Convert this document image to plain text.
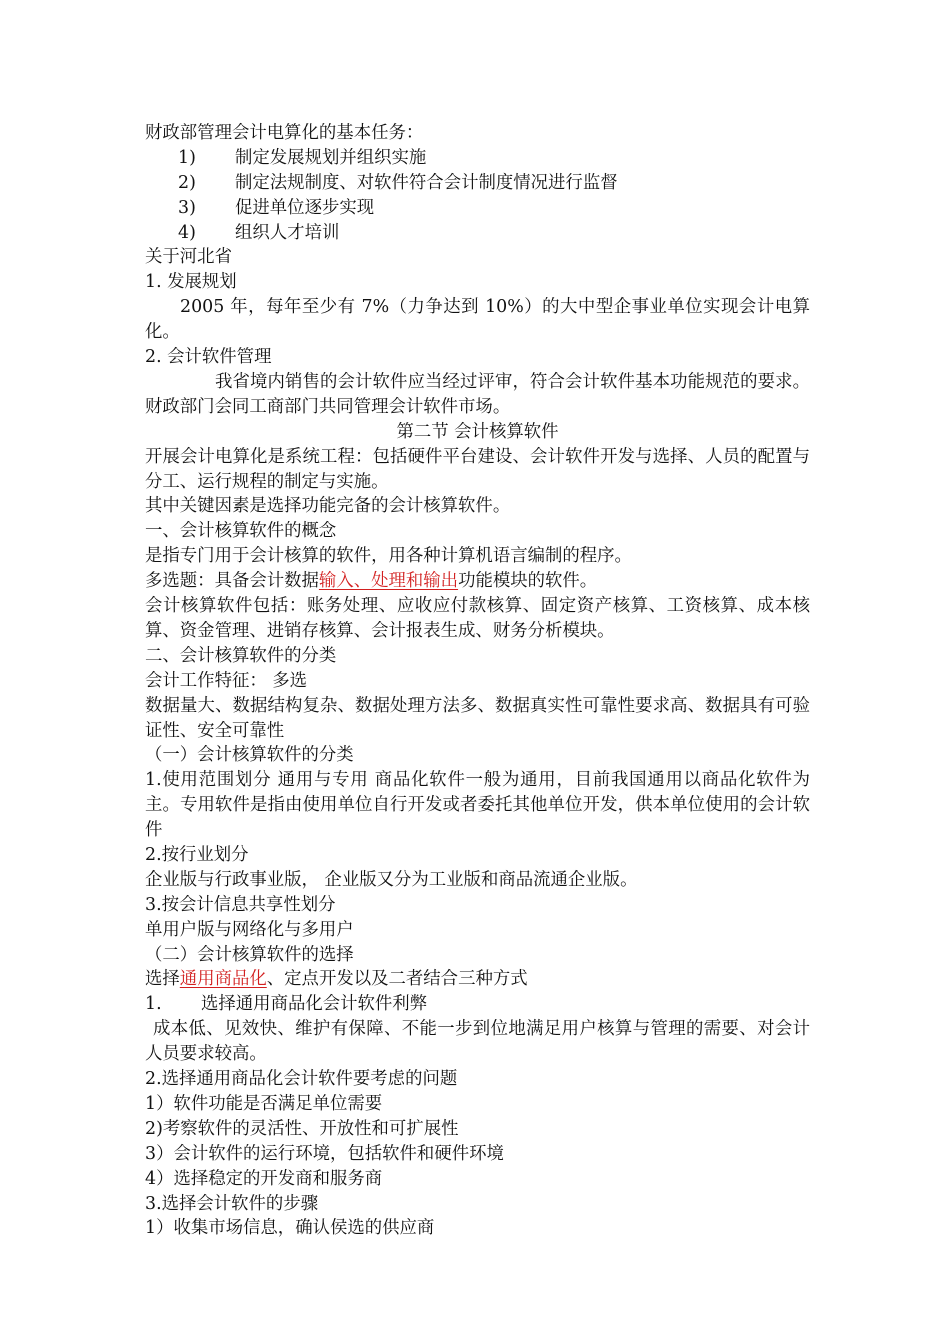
财政部管理会计电算化的基本任务：
1) 制定发展规划并组织实施
2) 制定法规制度、对软件符合会计制度情况进行监督
3) 促进单位逐步实现
4) 组织人才培训
关于河北省
1. 发展规划
2005 年，每年至少有 7%（力争达到 10%）的大中型企事业单位实现会计电算化。
2. 会计软件管理
我省境内销售的会计软件应当经过评审，符合会计软件基本功能规范的要求。财政部门会同工商部门共同管理会计软件市场。
第二节 会计核算软件
开展会计电算化是系统工程：包括硬件平台建设、会计软件开发与选择、人员的配置与分工、运行规程的制定与实施。
其中关键因素是选择功能完备的会计核算软件。
一、会计核算软件的概念
是指专门用于会计核算的软件，用各种计算机语言编制的程序。
多选题：具备会计数据输入、处理和输出功能模块的软件。
会计核算软件包括：账务处理、应收应付款核算、固定资产核算、工资核算、成本核算、资金管理、进销存核算、会计报表生成、财务分析模块。
二、会计核算软件的分类
会计工作特征： 多选
数据量大、数据结构复杂、数据处理方法多、数据真实性可靠性要求高、数据具有可验证性、安全可靠性
（一）会计核算软件的分类
1.使用范围划分 通用与专用 商品化软件一般为通用，目前我国通用以商品化软件为主。专用软件是指由使用单位自行开发或者委托其他单位开发，供本单位使用的会计软件
2.按行业划分
企业版与行政事业版， 企业版又分为工业版和商品流通企业版。
3.按会计信息共享性划分
单用户版与网络化与多用户
（二）会计核算软件的选择
选择通用商品化、定点开发以及二者结合三种方式
1. 选择通用商品化会计软件利弊
成本低、见效快、维护有保障、不能一步到位地满足用户核算与管理的需要、对会计人员要求较高。
2.选择通用商品化会计软件要考虑的问题
1）软件功能是否满足单位需要
2)考察软件的灵活性、开放性和可扩展性
3）会计软件的运行环境，包括软件和硬件环境
4）选择稳定的开发商和服务商
3.选择会计软件的步骤
1）收集市场信息，确认侯选的供应商
